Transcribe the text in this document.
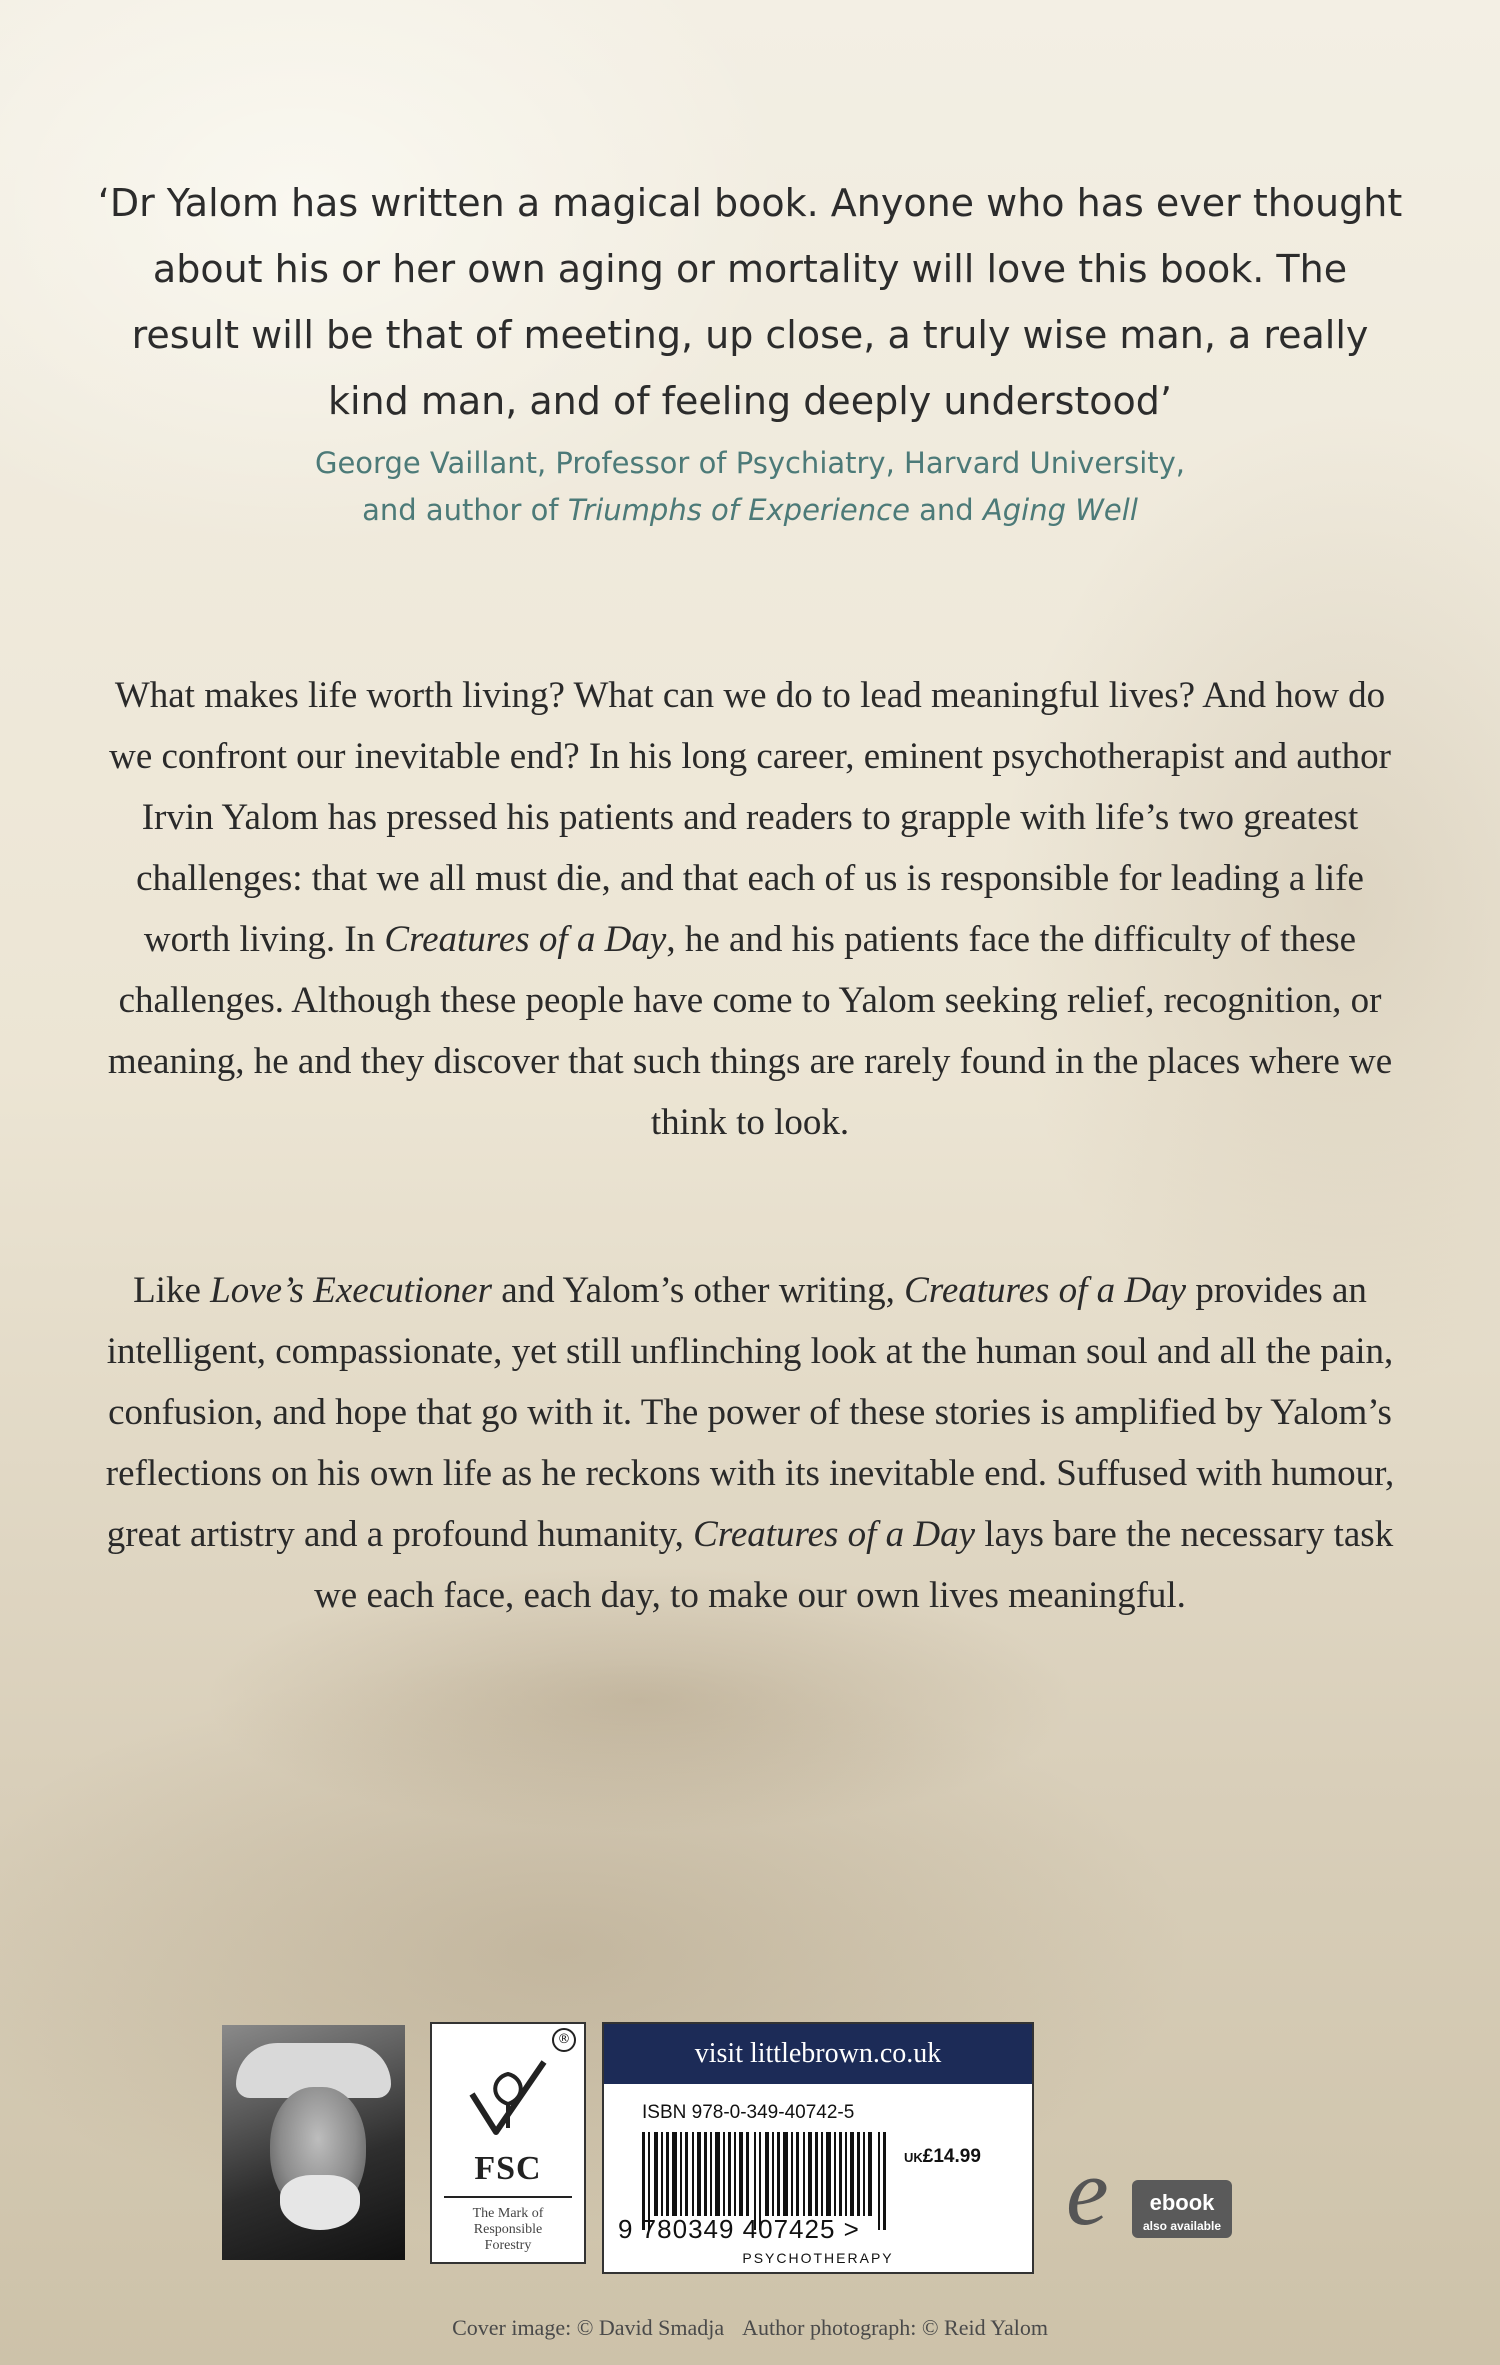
‘Dr Yalom has written a magical book. Anyone who has ever thought about his or her own aging or mortality will love this book. The result will be that of meeting, up close, a truly wise man, a really kind man, and of feeling deeply understood’

George Vaillant, Professor of Psychiatry, Harvard University,
and author of Triumphs of Experience and Aging Well

What makes life worth living? What can we do to lead meaningful lives? And how do we confront our inevitable end? In his long career, eminent psychotherapist and author Irvin Yalom has pressed his patients and readers to grapple with life’s two greatest challenges: that we all must die, and that each of us is responsible for leading a life worth living. In Creatures of a Day, he and his patients face the difficulty of these challenges. Although these people have come to Yalom seeking relief, recognition, or meaning, he and they discover that such things are rarely found in the places where we think to look.

Like Love’s Executioner and Yalom’s other writing, Creatures of a Day provides an intelligent, compassionate, yet still unflinching look at the human soul and all the pain, confusion, and hope that go with it. The power of these stories is amplified by Yalom’s reflections on his own life as he reckons with its inevitable end. Suffused with humour, great artistry and a profound humanity, Creatures of a Day lays bare the necessary task we each face, each day, to make our own lives meaningful.

®
FSC
The Mark of
Responsible
Forestry
visit littlebrown.co.uk
ISBN 978-0-349-40742-5
UK£14.99
9 780349 407425 >
PSYCHOTHERAPY
e ebook
also available
Cover image: © David Smadja Author photograph: © Reid Yalom
